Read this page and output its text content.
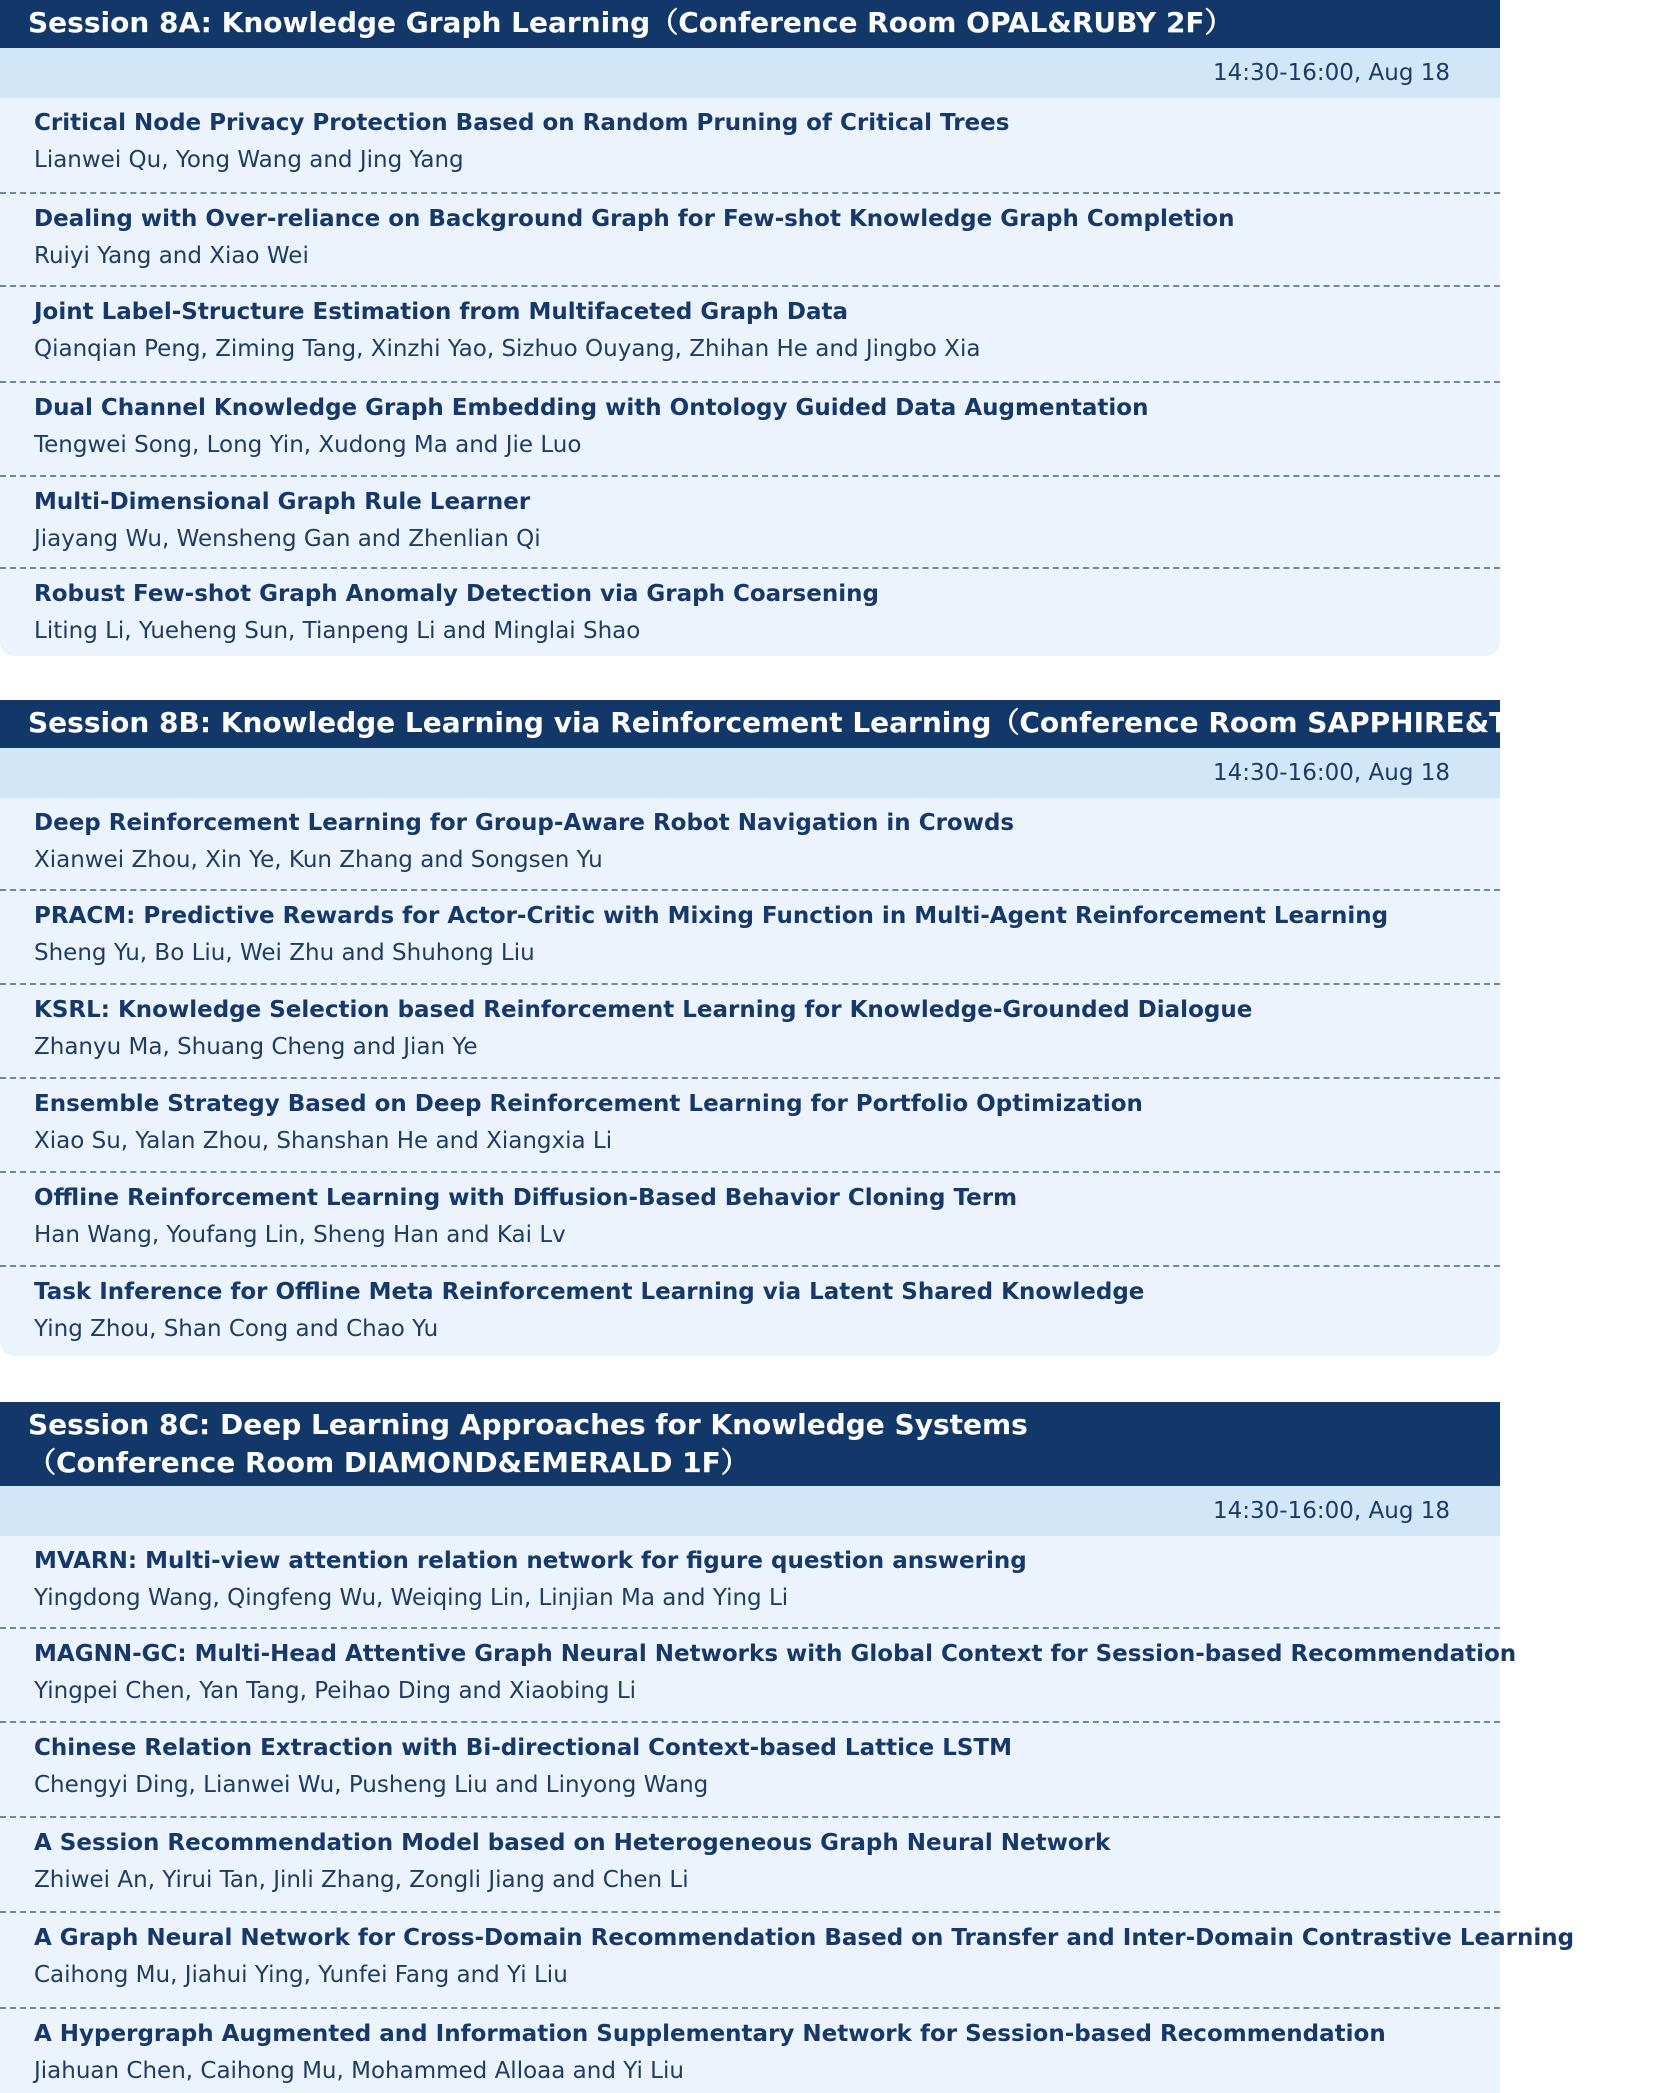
Session 8A: Knowledge Graph Learning（Conference Room OPAL&RUBY 2F）
14:30-16:00, Aug 18
Critical Node Privacy Protection Based on Random Pruning of Critical Trees
Lianwei Qu, Yong Wang and Jing Yang
Dealing with Over-reliance on Background Graph for Few-shot Knowledge Graph Completion
Ruiyi Yang and Xiao Wei
Joint Label-Structure Estimation from Multifaceted Graph Data
Qianqian Peng, Ziming Tang, Xinzhi Yao, Sizhuo Ouyang, Zhihan He and Jingbo Xia
Dual Channel Knowledge Graph Embedding with Ontology Guided Data Augmentation
Tengwei Song, Long Yin, Xudong Ma and Jie Luo
Multi-Dimensional Graph Rule Learner
Jiayang Wu, Wensheng Gan and Zhenlian Qi
Robust Few-shot Graph Anomaly Detection via Graph Coarsening
Liting Li, Yueheng Sun, Tianpeng Li and Minglai Shao
Session 8B: Knowledge Learning via Reinforcement Learning（Conference Room SAPPHIRE&TOPAZ 2F）
14:30-16:00, Aug 18
Deep Reinforcement Learning for Group-Aware Robot Navigation in Crowds
Xianwei Zhou, Xin Ye, Kun Zhang and Songsen Yu
PRACM: Predictive Rewards for Actor-Critic with Mixing Function in Multi-Agent Reinforcement Learning
Sheng Yu, Bo Liu, Wei Zhu and Shuhong Liu
KSRL: Knowledge Selection based Reinforcement Learning for Knowledge-Grounded Dialogue
Zhanyu Ma, Shuang Cheng and Jian Ye
Ensemble Strategy Based on Deep Reinforcement Learning for Portfolio Optimization
Xiao Su, Yalan Zhou, Shanshan He and Xiangxia Li
Offline Reinforcement Learning with Diffusion-Based Behavior Cloning Term
Han Wang, Youfang Lin, Sheng Han and Kai Lv
Task Inference for Offline Meta Reinforcement Learning via Latent Shared Knowledge
Ying Zhou, Shan Cong and Chao Yu
Session 8C: Deep Learning Approaches for Knowledge Systems
（Conference Room DIAMOND&EMERALD 1F）
14:30-16:00, Aug 18
MVARN: Multi-view attention relation network for figure question answering
Yingdong Wang, Qingfeng Wu, Weiqing Lin, Linjian Ma and Ying Li
MAGNN-GC: Multi-Head Attentive Graph Neural Networks with Global Context for Session-based Recommendation
Yingpei Chen, Yan Tang, Peihao Ding and Xiaobing Li
Chinese Relation Extraction with Bi-directional Context-based Lattice LSTM
Chengyi Ding, Lianwei Wu, Pusheng Liu and Linyong Wang
A Session Recommendation Model based on Heterogeneous Graph Neural Network
Zhiwei An, Yirui Tan, Jinli Zhang, Zongli Jiang and Chen Li
A Graph Neural Network for Cross-Domain Recommendation Based on Transfer and Inter-Domain Contrastive Learning
Caihong Mu, Jiahui Ying, Yunfei Fang and Yi Liu
A Hypergraph Augmented and Information Supplementary Network for Session-based Recommendation
Jiahuan Chen, Caihong Mu, Mohammed Alloaa and Yi Liu
